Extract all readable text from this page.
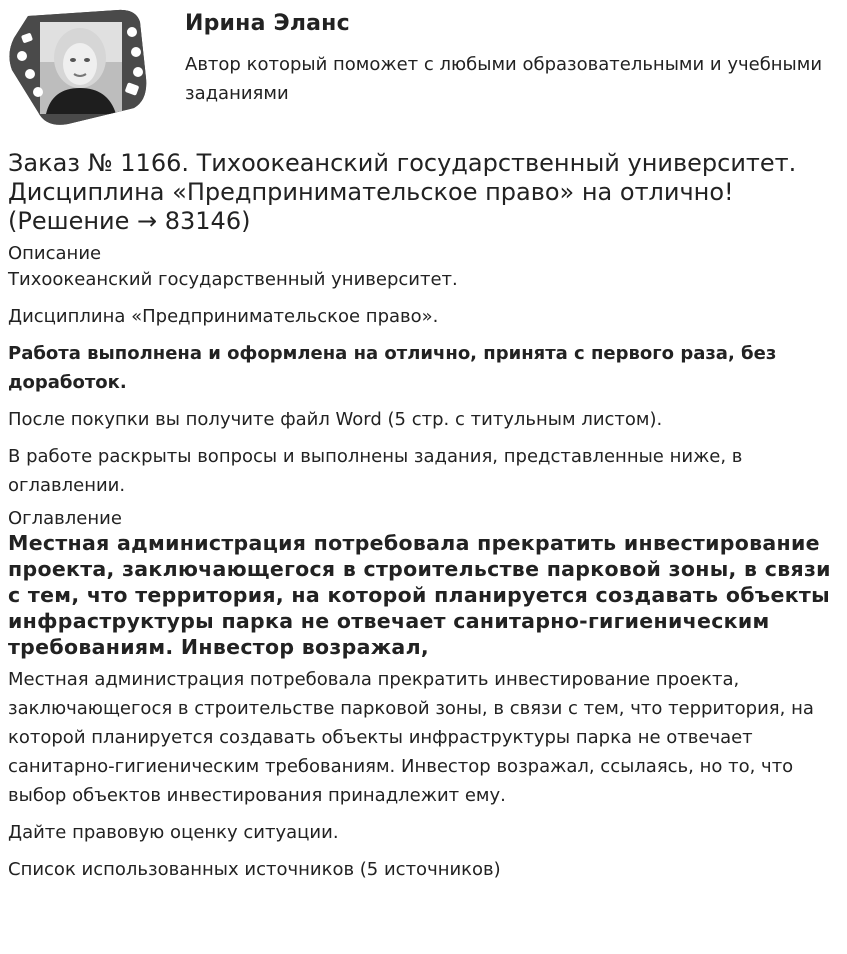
Ирина Эланс
Автор который поможет с любыми образовательными и учебными заданиями
Заказ № 1166. Тихоокеанский государственный университет. Дисциплина «Предпринимательское право» на отлично! (Решение → 83146)
Описание

Тихоокеанский государственный университет.

Дисциплина «Предпринимательское право».

Работа выполнена и оформлена на отлично, принята с первого раза, без доработок.

После покупки вы получите файл Word (5 стр. с титульным листом).

В работе раскрыты вопросы и выполнены задания, представленные ниже, в оглавлении.

Оглавление
Местная администрация потребовала прекратить инвестирование проекта, заключающегося в строительстве парковой зоны, в связи с тем, что территория, на которой планируется создавать объекты инфраструктуры парка не отвечает санитарно-гигиеническим требованиям. Инвестор возражал,

Местная администрация потребовала прекратить инвестирование проекта, заключающегося в строительстве парковой зоны, в связи с тем, что территория, на которой планируется создавать объекты инфраструктуры парка не отвечает санитарно-гигиеническим требованиям. Инвестор возражал, ссылаясь, но то, что выбор объектов инвестирования принадлежит ему.

Дайте правовую оценку ситуации.

Список использованных источников (5 источников)
